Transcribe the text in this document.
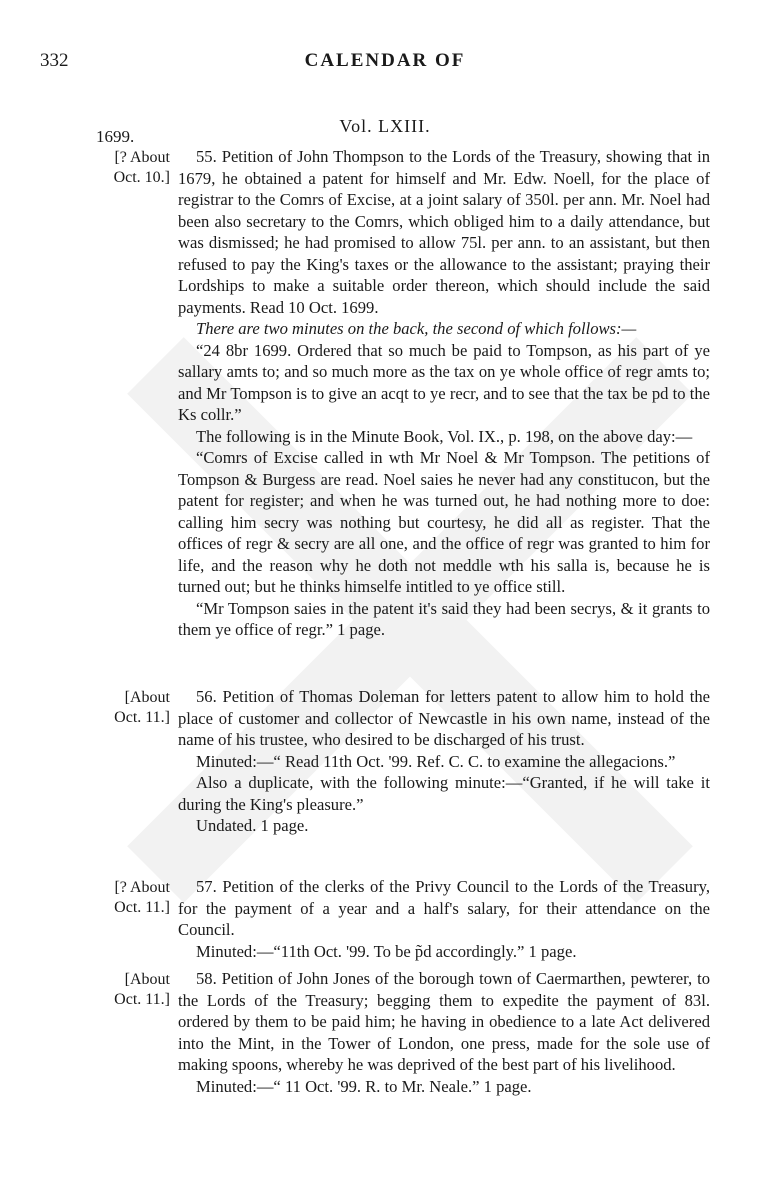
332	CALENDAR OF
Vol. LXIII.
1699.
[? About
Oct. 10.]

55. Petition of John Thompson to the Lords of the Treasury, showing that in 1679, he obtained a patent for himself and Mr. Edw. Noell, for the place of registrar to the Comrs of Excise, at a joint salary of 350l. per ann. Mr. Noel had been also secretary to the Comrs, which obliged him to a daily attendance, but was dismissed; he had promised to allow 75l. per ann. to an assistant, but then refused to pay the King's taxes or the allowance to the assistant; praying their Lordships to make a suitable order thereon, which should include the said payments. Read 10 Oct. 1699.

There are two minutes on the back, the second of which follows:—

“24 8br 1699. Ordered that so much be paid to Tompson, as his part of ye sallary amts to; and so much more as the tax on ye whole office of regr amts to; and Mr Tompson is to give an acqt to ye recr, and to see that the tax be pd to the Ks collr.”

The following is in the Minute Book, Vol. IX., p. 198, on the above day:—

“Comrs of Excise called in wth Mr Noel & Mr Tompson. The petitions of Tompson & Burgess are read. Noel saies he never had any constitucon, but the patent for register; and when he was turned out, he had nothing more to doe: calling him secry was nothing but courtesy, he did all as register. That the offices of regr & secry are all one, and the office of regr was granted to him for life, and the reason why he doth not meddle wth his salla is, because he is turned out; but he thinks himselfe intitled to ye office still.

“Mr Tompson saies in the patent it's said they had been secrys, & it grants to them ye office of regr.” 1 page.

[About
Oct. 11.]

56. Petition of Thomas Doleman for letters patent to allow him to hold the place of customer and collector of Newcastle in his own name, instead of the name of his trustee, who desired to be discharged of his trust.

Minuted:—“ Read 11th Oct. '99. Ref. C. C. to examine the allegacions.”

Also a duplicate, with the following minute:—“Granted, if he will take it during the King's pleasure.”

Undated. 1 page.

[? About
Oct. 11.]

57. Petition of the clerks of the Privy Council to the Lords of the Treasury, for the payment of a year and a half's salary, for their attendance on the Council.

Minuted:—“11th Oct. '99. To be p̃d accordingly.” 1 page.

[About
Oct. 11.]

58. Petition of John Jones of the borough town of Caermarthen, pewterer, to the Lords of the Treasury; begging them to expedite the payment of 83l. ordered by them to be paid him; he having in obedience to a late Act delivered into the Mint, in the Tower of London, one press, made for the sole use of making spoons, whereby he was deprived of the best part of his livelihood.

Minuted:—“ 11 Oct. '99. R. to Mr. Neale.” 1 page.
